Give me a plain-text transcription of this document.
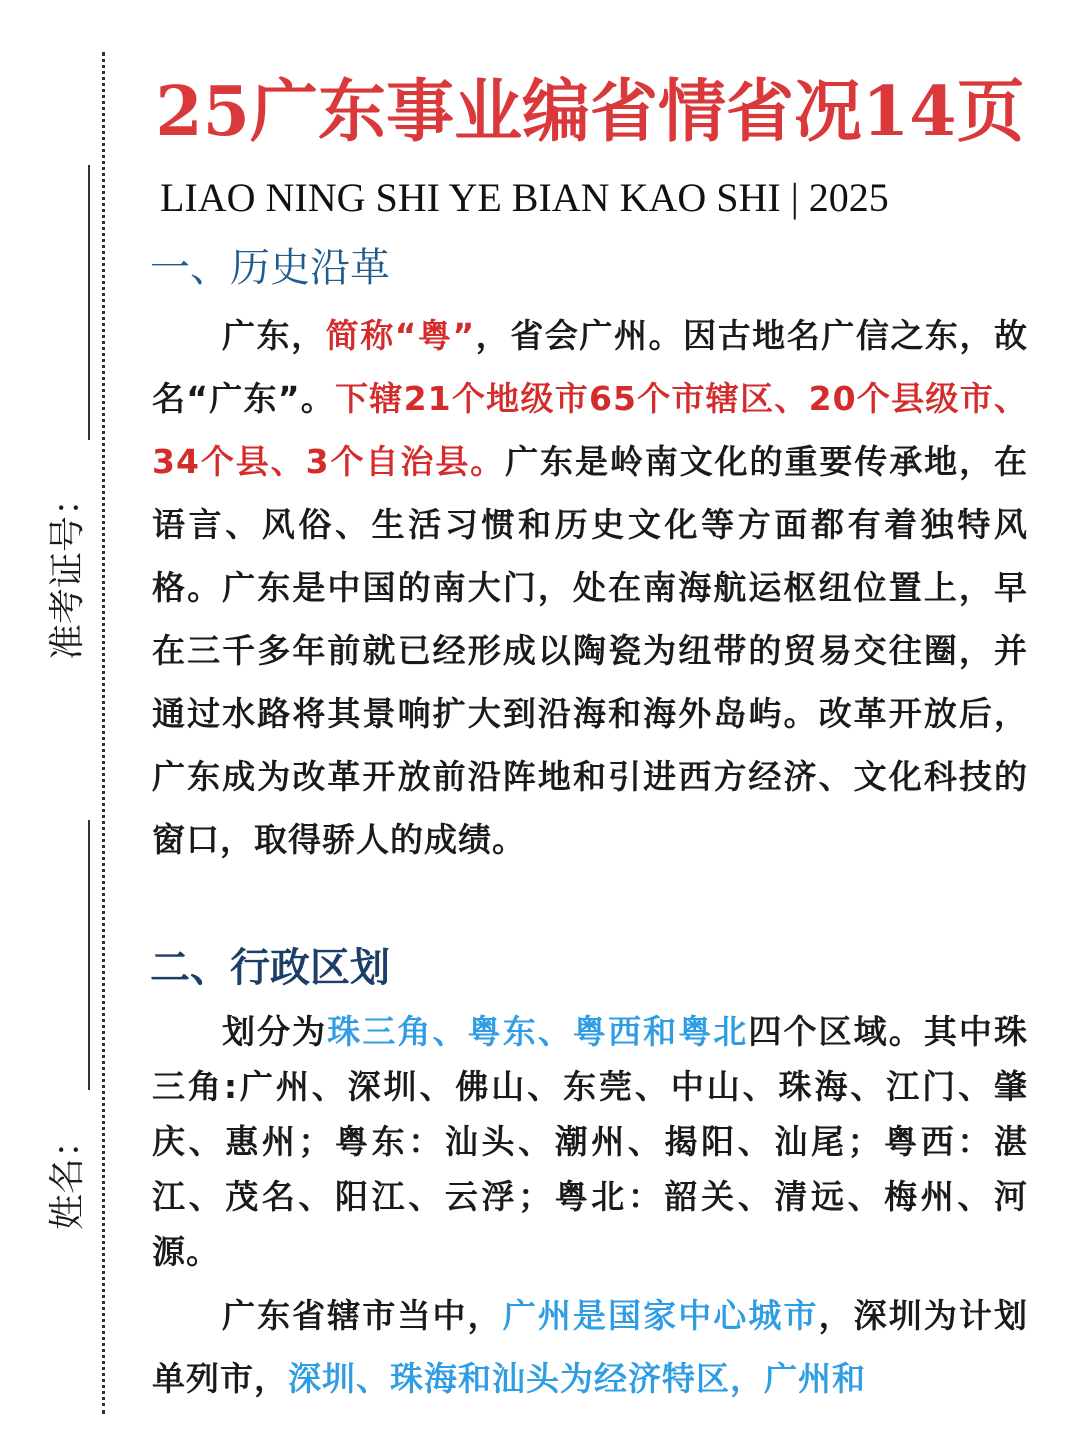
准考证号：
姓名：
25广东事业编省情省况14页
LIAO NING SHI YE BIAN KAO SHI | 2025
一、历史沿革

广东，简称“粤”，省会广州。因古地名广信之东，故名“广东”。下辖21个地级市65个市辖区、20个县级市、34个县、3个自治县。广东是岭南文化的重要传承地，在语言、风俗、生活习惯和历史文化等方面都有着独特风格。广东是中国的南大门，处在南海航运枢纽位置上，早在三千多年前就已经形成以陶瓷为纽带的贸易交往圈，并通过水路将其景响扩大到沿海和海外岛屿。改革开放后，广东成为改革开放前沿阵地和引进西方经济、文化科技的窗口，取得骄人的成绩。

二、行政区划

划分为珠三角、粤东、粤西和粤北四个区域。其中珠三角:广州、深圳、佛山、东莞、中山、珠海、江门、肇庆、惠州；粤东：汕头、潮州、揭阳、汕尾；粤西：湛江、茂名、阳江、云浮；粤北：韶关、清远、梅州、河源。

广东省辖市当中，广州是国家中心城市，深圳为计划单列市，深圳、珠海和汕头为经济特区，广州和
